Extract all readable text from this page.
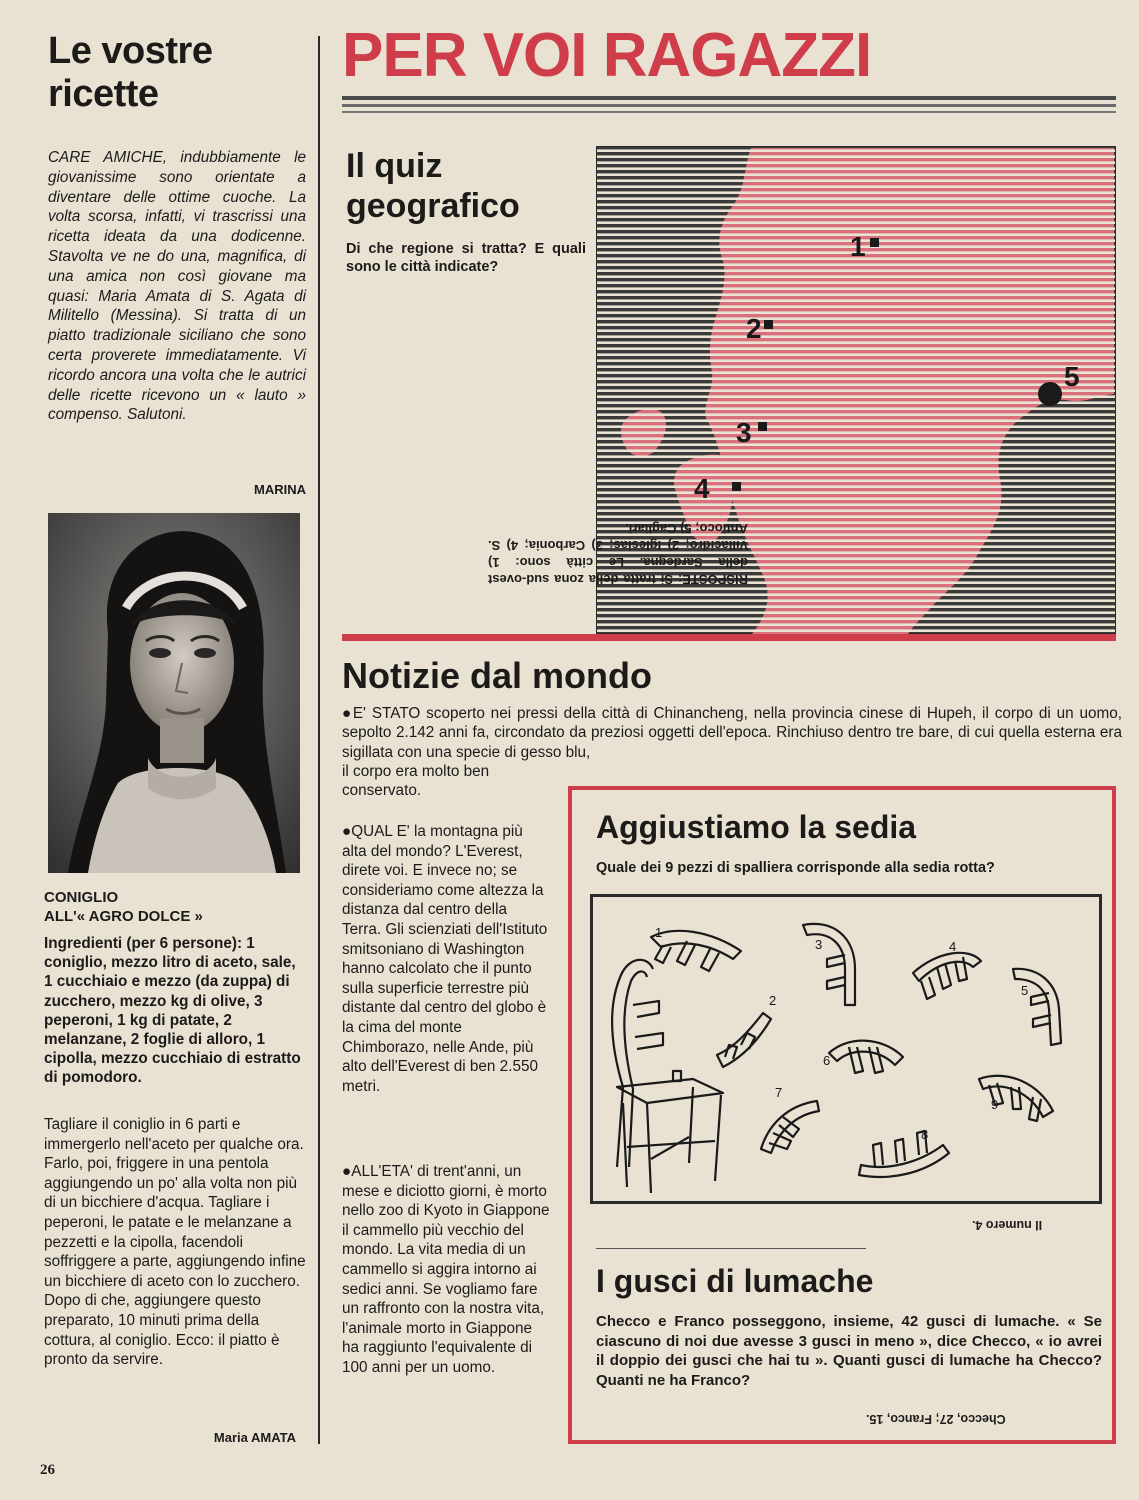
Le vostre ricette
CARE AMICHE, indubbiamente le giovanissime sono orientate a diventare delle ottime cuoche. La volta scorsa, infatti, vi trascrissi una ricetta ideata da una dodicenne. Stavolta ve ne do una, magnifica, di una amica non così giovane ma quasi: Maria Amata di S. Agata di Militello (Messina). Si tratta di un piatto tradizionale siciliano che sono certa proverete immediatamente. Vi ricordo ancora una volta che le autrici delle ricette ricevono un « lauto » compenso. Salutoni.
MARINA
CONIGLIO
ALL'« AGRO DOLCE »
Ingredienti (per 6 persone): 1 coniglio, mezzo litro di aceto, sale, 1 cucchiaio e mezzo (da zuppa) di zucchero, mezzo kg di olive, 3 peperoni, 1 kg di patate, 2 melanzane, 2 foglie di alloro, 1 cipolla, mezzo cucchiaio di estratto di pomodoro.
Tagliare il coniglio in 6 parti e immergerlo nell'aceto per qualche ora. Farlo, poi, friggere in una pentola aggiungendo un po' alla volta non più di un bicchiere d'acqua. Tagliare i peperoni, le patate e le melanzane a pezzetti e la cipolla, facendoli soffriggere a parte, aggiungendo infine un bicchiere di aceto con lo zucchero. Dopo di che, aggiungere questo preparato, 10 minuti prima della cottura, al coniglio. Ecco: il piatto è pronto da servire.
Maria AMATA
26
PER VOI RAGAZZI
Il quiz geografico
Di che regione si tratta? E quali sono le città indicate?
1
2
3
4
5
RISPOSTE: Si tratta della zona sud-ovest della Sardegna. Le città sono: 1) Villacidro; 2) Iglesias; 3) Carbonia; 4) S. Antioco; 5) Cagliari.
Notizie dal mondo
● E' STATO scoperto nei pressi della città di Chinancheng, nella provincia cinese di Hupeh, il corpo di un uomo, sepolto 2.142 anni fa, circondato da preziosi oggetti dell'epoca. Rinchiuso dentro tre bare, di cui quella esterna era sigillata con una specie di gesso blu,
il corpo era molto ben conservato.
● QUAL E' la montagna più alta del mondo? L'Everest, direte voi. E invece no; se consideriamo come altezza la distanza dal centro della Terra. Gli scienziati dell'Istituto smitsoniano di Washington hanno calcolato che il punto sulla superficie terrestre più distante dal centro del globo è la cima del monte Chimborazo, nelle Ande, più alto dell'Everest di ben 2.550 metri.
● ALL'ETA' di trent'anni, un mese e diciotto giorni, è morto nello zoo di Kyoto in Giappone il cammello più vecchio del mondo. La vita media di un cammello si aggira intorno ai sedici anni. Se vogliamo fare un raffronto con la nostra vita, l'animale morto in Giappone ha raggiunto l'equivalente di 100 anni per un uomo.
Aggiustiamo la sedia
Quale dei 9 pezzi di spalliera corrisponde alla sedia rotta?
1
2
3	4
5
6
7
8
9
Il numero 4.
I gusci di lumache
Checco e Franco posseggono, insieme, 42 gusci di lumache. « Se ciascuno di noi due avesse 3 gusci in meno », dice Checco, « io avrei il doppio dei gusci che hai tu ». Quanti gusci di lumache ha Checco? Quanti ne ha Franco?
Checco, 27; Franco, 15.
